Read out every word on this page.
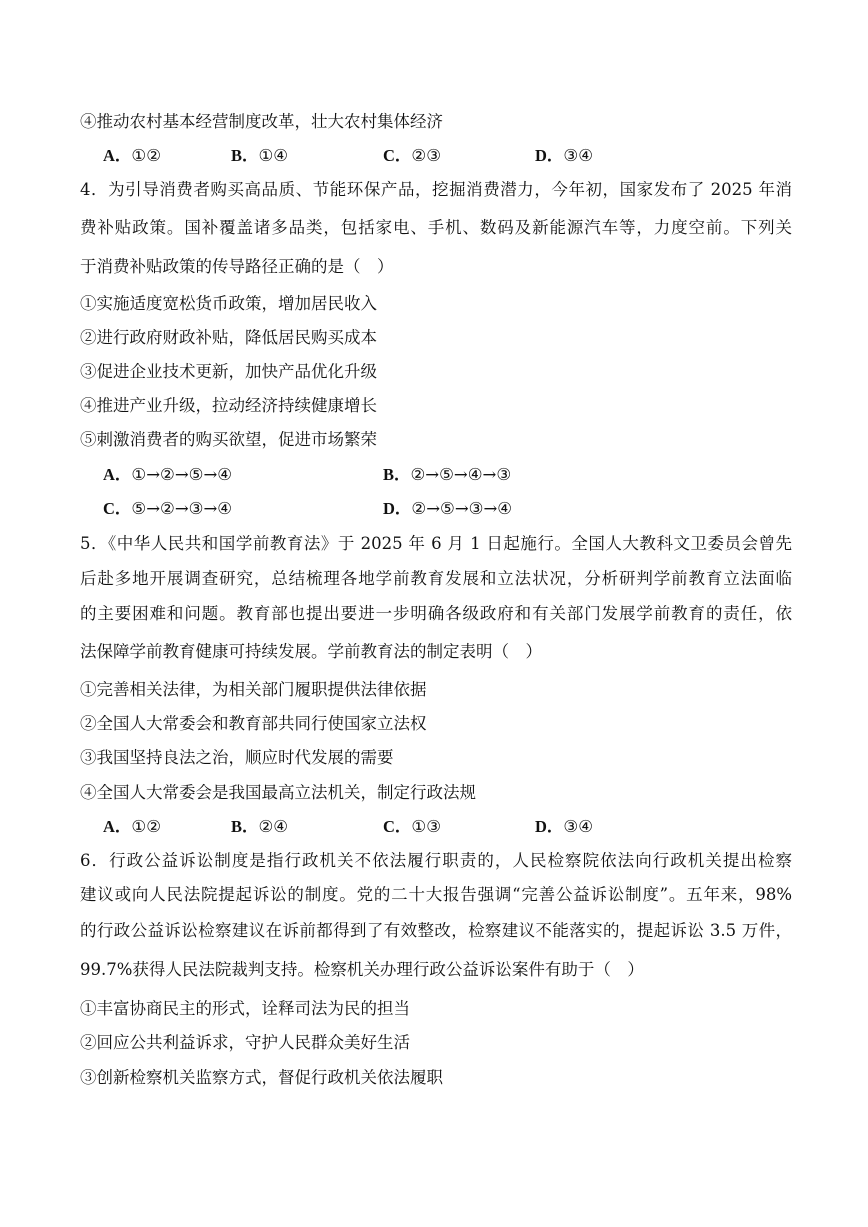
④推动农村基本经营制度改革，壮大农村集体经济
A．①②	B．①④	C．②③	D．③④
4．为引导消费者购买高品质、节能环保产品，挖掘消费潜力，今年初，国家发布了 2025 年消
费补贴政策。国补覆盖诸多品类，包括家电、手机、数码及新能源汽车等，力度空前。下列关
于消费补贴政策的传导路径正确的是（　）
①实施适度宽松货币政策，增加居民收入
②进行政府财政补贴，降低居民购买成本
③促进企业技术更新，加快产品优化升级
④推进产业升级，拉动经济持续健康增长
⑤刺激消费者的购买欲望，促进市场繁荣
A．①→②→⑤→④	B．②→⑤→④→③
C．⑤→②→③→④	D．②→⑤→③→④
5．《中华人民共和国学前教育法》于 2025 年 6 月 1 日起施行。全国人大教科文卫委员会曾先
后赴多地开展调查研究，总结梳理各地学前教育发展和立法状况，分析研判学前教育立法面临
的主要困难和问题。教育部也提出要进一步明确各级政府和有关部门发展学前教育的责任，依
法保障学前教育健康可持续发展。学前教育法的制定表明（　）
①完善相关法律，为相关部门履职提供法律依据
②全国人大常委会和教育部共同行使国家立法权
③我国坚持良法之治，顺应时代发展的需要
④全国人大常委会是我国最高立法机关，制定行政法规
A．①②	B．②④	C．①③	D．③④
6．行政公益诉讼制度是指行政机关不依法履行职责的，人民检察院依法向行政机关提出检察
建议或向人民法院提起诉讼的制度。党的二十大报告强调“完善公益诉讼制度”。五年来，98%
的行政公益诉讼检察建议在诉前都得到了有效整改，检察建议不能落实的，提起诉讼 3.5 万件，
99.7%获得人民法院裁判支持。检察机关办理行政公益诉讼案件有助于（　）
①丰富协商民主的形式，诠释司法为民的担当
②回应公共利益诉求，守护人民群众美好生活
③创新检察机关监察方式，督促行政机关依法履职
